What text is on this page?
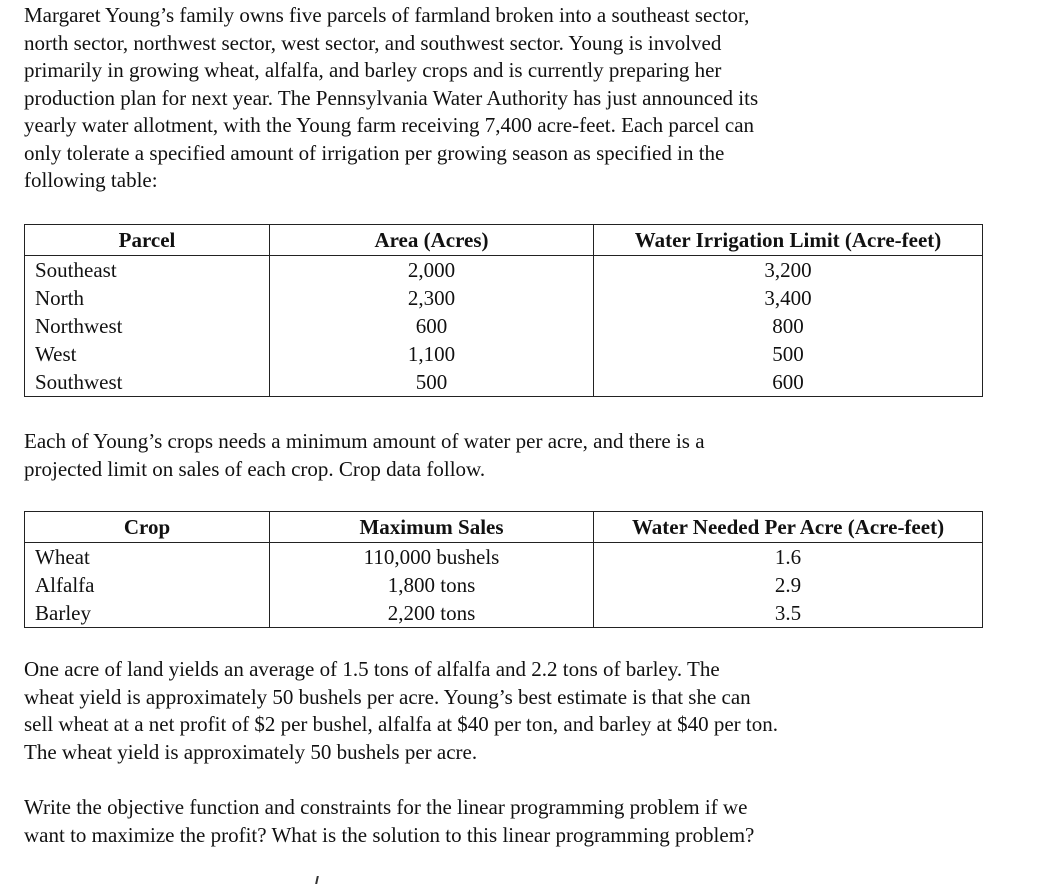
Margaret Young’s family owns five parcels of farmland broken into a southeast sector,
north sector, northwest sector, west sector, and southwest sector. Young is involved
primarily in growing wheat, alfalfa, and barley crops and is currently preparing her
production plan for next year. The Pennsylvania Water Authority has just announced its
yearly water allotment, with the Young farm receiving 7,400 acre-feet. Each parcel can
only tolerate a specified amount of irrigation per growing season as specified in the
following table:

Parcel	Area (Acres)	Water Irrigation Limit (Acre-feet)
Southeast	2,000	3,200
North	2,300	3,400
Northwest	600	800
West	1,100	500
Southwest	500	600

Each of Young’s crops needs a minimum amount of water per acre, and there is a
projected limit on sales of each crop. Crop data follow.

Crop	Maximum Sales	Water Needed Per Acre (Acre-feet)
Wheat	110,000 bushels	1.6
Alfalfa	1,800 tons	2.9
Barley	2,200 tons	3.5

One acre of land yields an average of 1.5 tons of alfalfa and 2.2 tons of barley. The
wheat yield is approximately 50 bushels per acre. Young’s best estimate is that she can
sell wheat at a net profit of $2 per bushel, alfalfa at $40 per ton, and barley at $40 per ton.
The wheat yield is approximately 50 bushels per acre.

Write the objective function and constraints for the linear programming problem if we
want to maximize the profit? What is the solution to this linear programming problem?
